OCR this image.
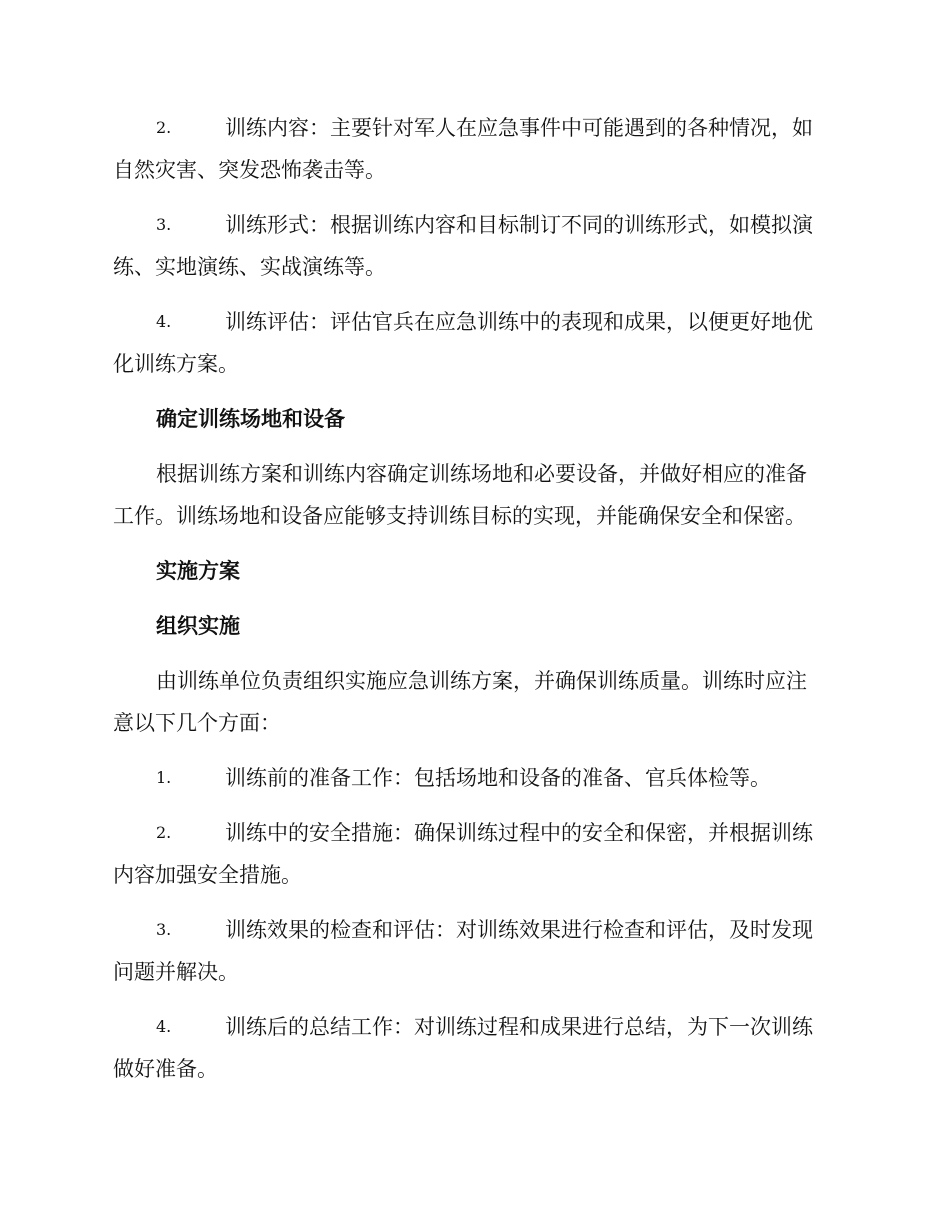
2.	训练内容：主要针对军人在应急事件中可能遇到的各种情况，如
自然灾害、突发恐怖袭击等。
3.	训练形式：根据训练内容和目标制订不同的训练形式，如模拟演
练、实地演练、实战演练等。
4.	训练评估：评估官兵在应急训练中的表现和成果，以便更好地优
化训练方案。
确定训练场地和设备
根据训练方案和训练内容确定训练场地和必要设备，并做好相应的准备
工作。训练场地和设备应能够支持训练目标的实现，并能确保安全和保密。
实施方案
组织实施
由训练单位负责组织实施应急训练方案，并确保训练质量。训练时应注
意以下几个方面：
1.	训练前的准备工作：包括场地和设备的准备、官兵体检等。
2.	训练中的安全措施：确保训练过程中的安全和保密，并根据训练
内容加强安全措施。
3.	训练效果的检查和评估：对训练效果进行检查和评估，及时发现
问题并解决。
4.	训练后的总结工作：对训练过程和成果进行总结，为下一次训练
做好准备。
